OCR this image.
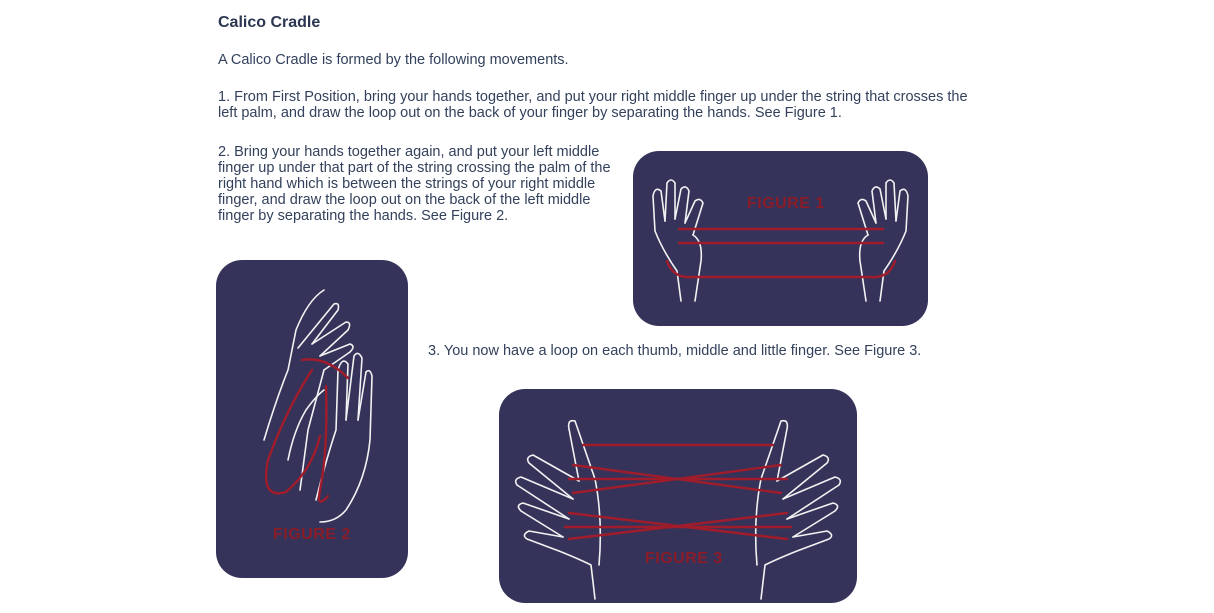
Calico Cradle

A Calico Cradle is formed by the following movements.

1. From First Position, bring your hands together, and put your right middle finger up under the string that crosses the left palm, and draw the loop out on the back of your finger by separating the hands. See Figure 1.

2. Bring your hands together again, and put your left middle finger up under that part of the string crossing the palm of the right hand which is between the strings of your right middle finger, and draw the loop out on the back of the left middle finger by separating the hands. See Figure 2.

3. You now have a loop on each thumb, middle and little finger. See Figure 3.

FIGURE 1
FIGURE 2
FIGURE 3
